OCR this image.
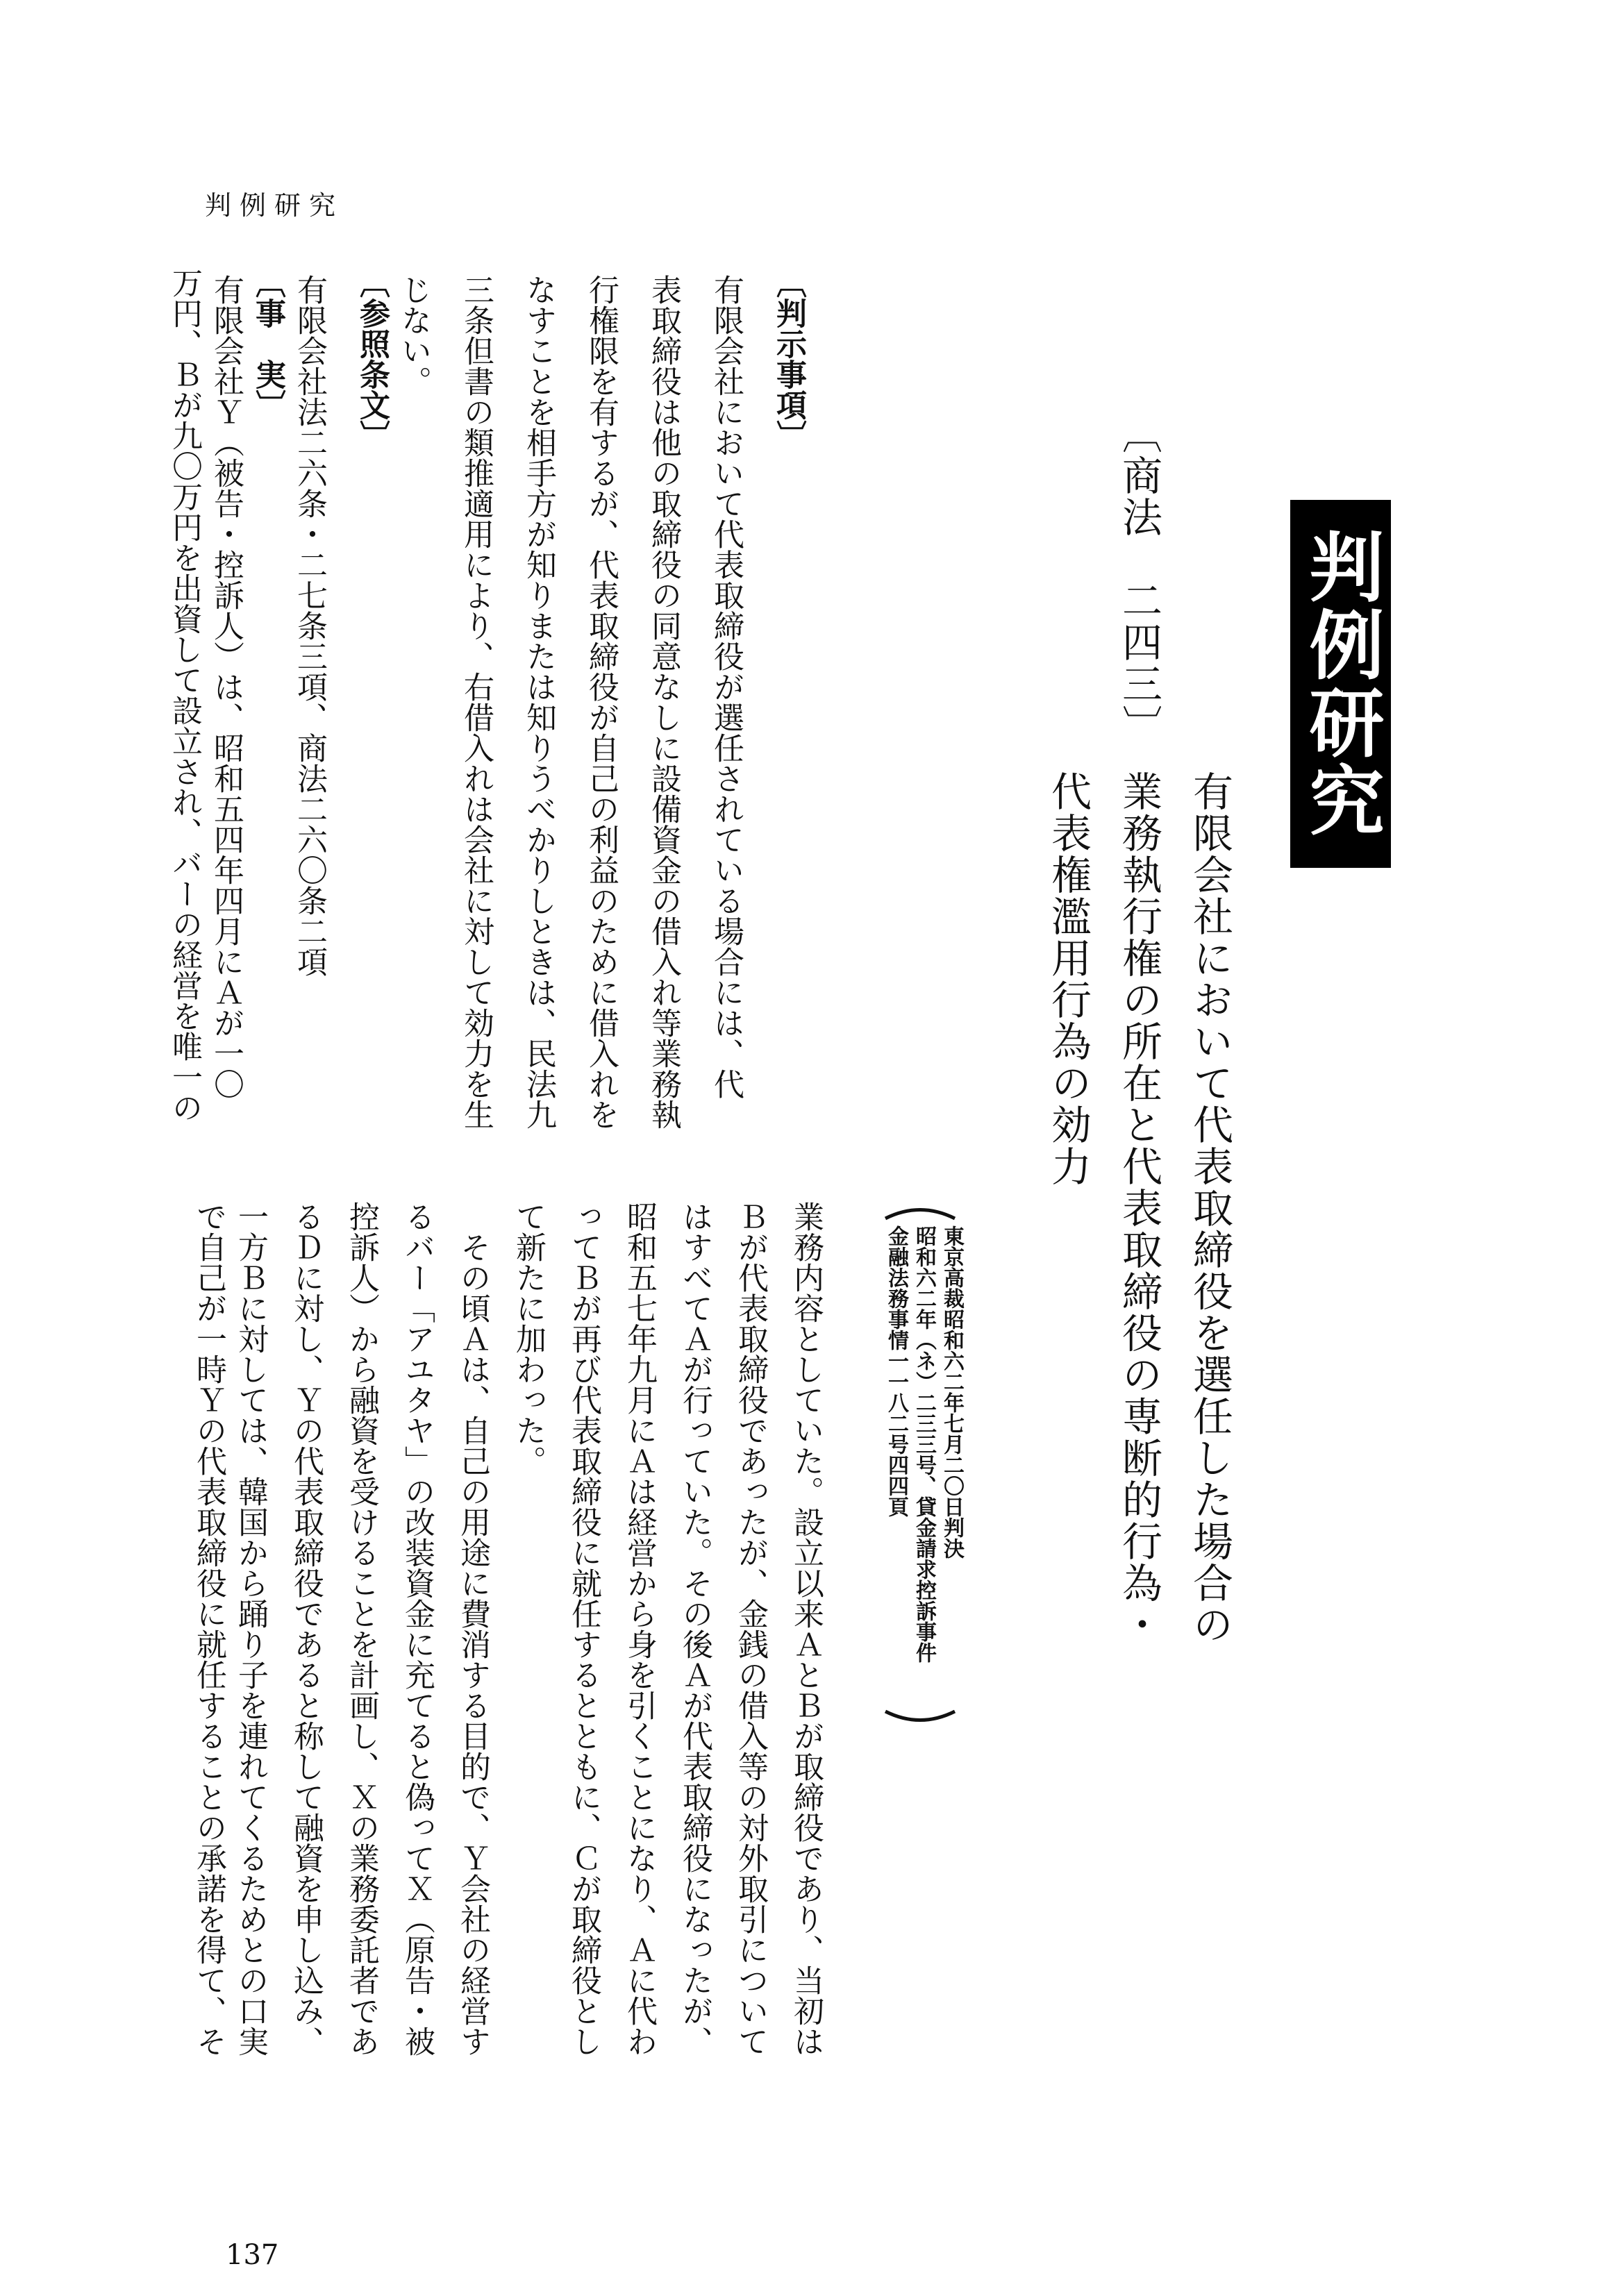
判例研究
判例研究
〔商法　二四三〕
有限会社において代表取締役を選任した場合の
業務執行権の所在と代表取締役の専断的行為・
代表権濫用行為の効力
東京高裁昭和六二年七月二〇日判決
昭和六二年（ネ）二三三号、貸金請求控訴事件
金融法務事情一一八二号四四頁
〔判示事項〕
有限会社において代表取締役が選任されている場合には、代
表取締役は他の取締役の同意なしに設備資金の借入れ等業務執
行権限を有するが、代表取締役が自己の利益のために借入れを
なすことを相手方が知りまたは知りうべかりしときは、民法九
三条但書の類推適用により、右借入れは会社に対して効力を生
じない。
〔参照条文〕
有限会社法二六条・二七条三項、商法二六〇条二項
〔事　実〕
有限会社Ｙ（被告・控訴人）は、昭和五四年四月にＡが一〇
万円、Ｂが九〇万円を出資して設立され、バーの経営を唯一の
業務内容としていた。設立以来ＡとＢが取締役であり、当初は
Ｂが代表取締役であったが、金銭の借入等の対外取引について
はすべてＡが行っていた。その後Ａが代表取締役になったが、
昭和五七年九月にＡは経営から身を引くことになり、Ａに代わ
ってＢが再び代表取締役に就任するとともに、Ｃが取締役とし
て新たに加わった。
その頃Ａは、自己の用途に費消する目的で、Ｙ会社の経営す
るバー「アユタヤ」の改装資金に充てると偽ってＸ（原告・被
控訴人）から融資を受けることを計画し、Ｘの業務委託者であ
るＤに対し、Ｙの代表取締役であると称して融資を申し込み、
一方Ｂに対しては、韓国から踊り子を連れてくるためとの口実
で自己が一時Ｙの代表取締役に就任することの承諾を得て、そ
137
